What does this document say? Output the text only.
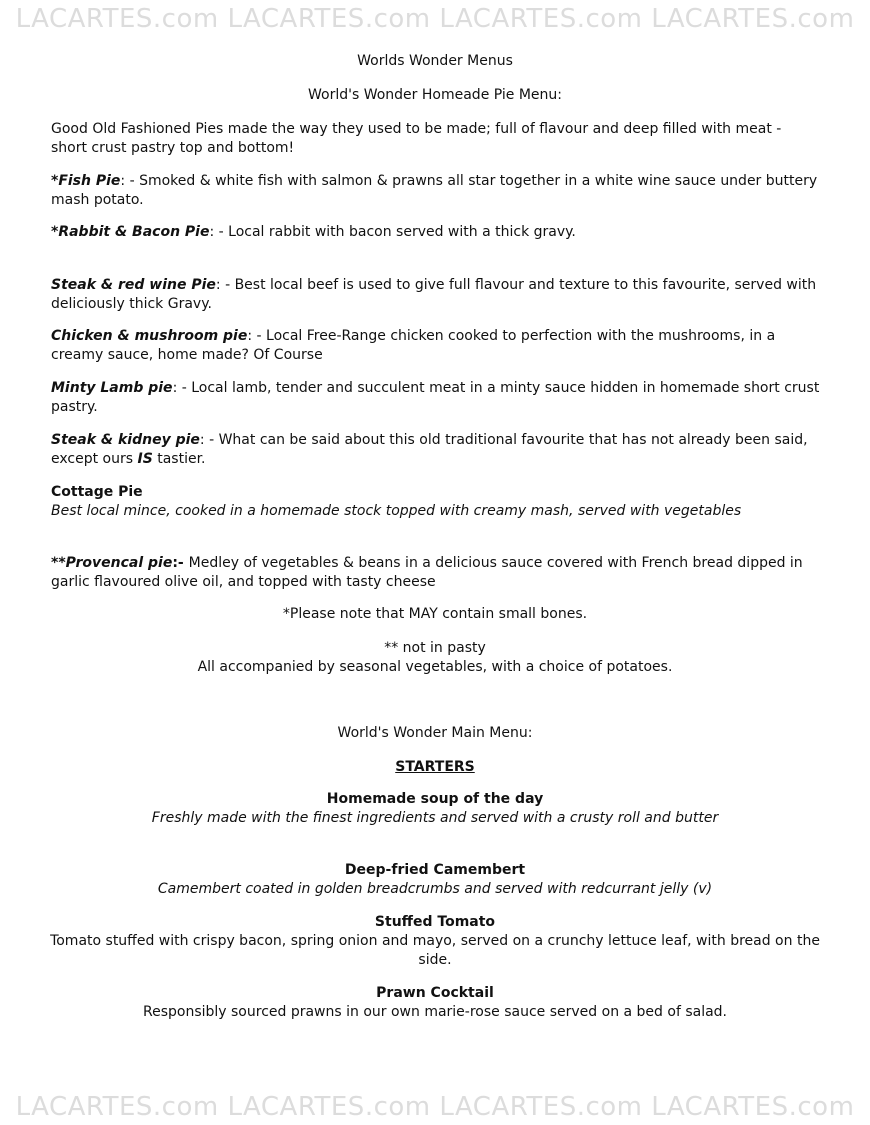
LACARTES.com LACARTES.com LACARTES.com LACARTES.com
Worlds Wonder Menus
World's Wonder Homeade Pie Menu:
Good Old Fashioned Pies made the way they used to be made; full of flavour and deep filled with meat - short crust pastry top and bottom!
*Fish Pie: - Smoked & white fish with salmon & prawns all star together in a white wine sauce under buttery mash potato.
*Rabbit & Bacon Pie: - Local rabbit with bacon served with a thick gravy.
Steak & red wine Pie: - Best local beef is used to give full flavour and texture to this favourite, served with deliciously thick Gravy.
Chicken & mushroom pie: - Local Free-Range chicken cooked to perfection with the mushrooms, in a creamy sauce, home made? Of Course
Minty Lamb pie: - Local lamb, tender and succulent meat in a minty sauce hidden in homemade short crust pastry.
Steak & kidney pie: - What can be said about this old traditional favourite that has not already been said, except ours IS tastier.
Cottage Pie
Best local mince, cooked in a homemade stock topped with creamy mash, served with vegetables
**Provencal pie:- Medley of vegetables & beans in a delicious sauce covered with French bread dipped in garlic flavoured olive oil, and topped with tasty cheese
*Please note that MAY contain small bones.
** not in pasty
All accompanied by seasonal vegetables, with a choice of potatoes.
World's Wonder Main Menu:
STARTERS
Homemade soup of the day
Freshly made with the finest ingredients and served with a crusty roll and butter
Deep-fried Camembert
Camembert coated in golden breadcrumbs and served with redcurrant jelly (v)
Stuffed Tomato
Tomato stuffed with crispy bacon, spring onion and mayo, served on a crunchy lettuce leaf, with bread on the side.
Prawn Cocktail
Responsibly sourced prawns in our own marie-rose sauce served on a bed of salad.
LACARTES.com LACARTES.com LACARTES.com LACARTES.com
